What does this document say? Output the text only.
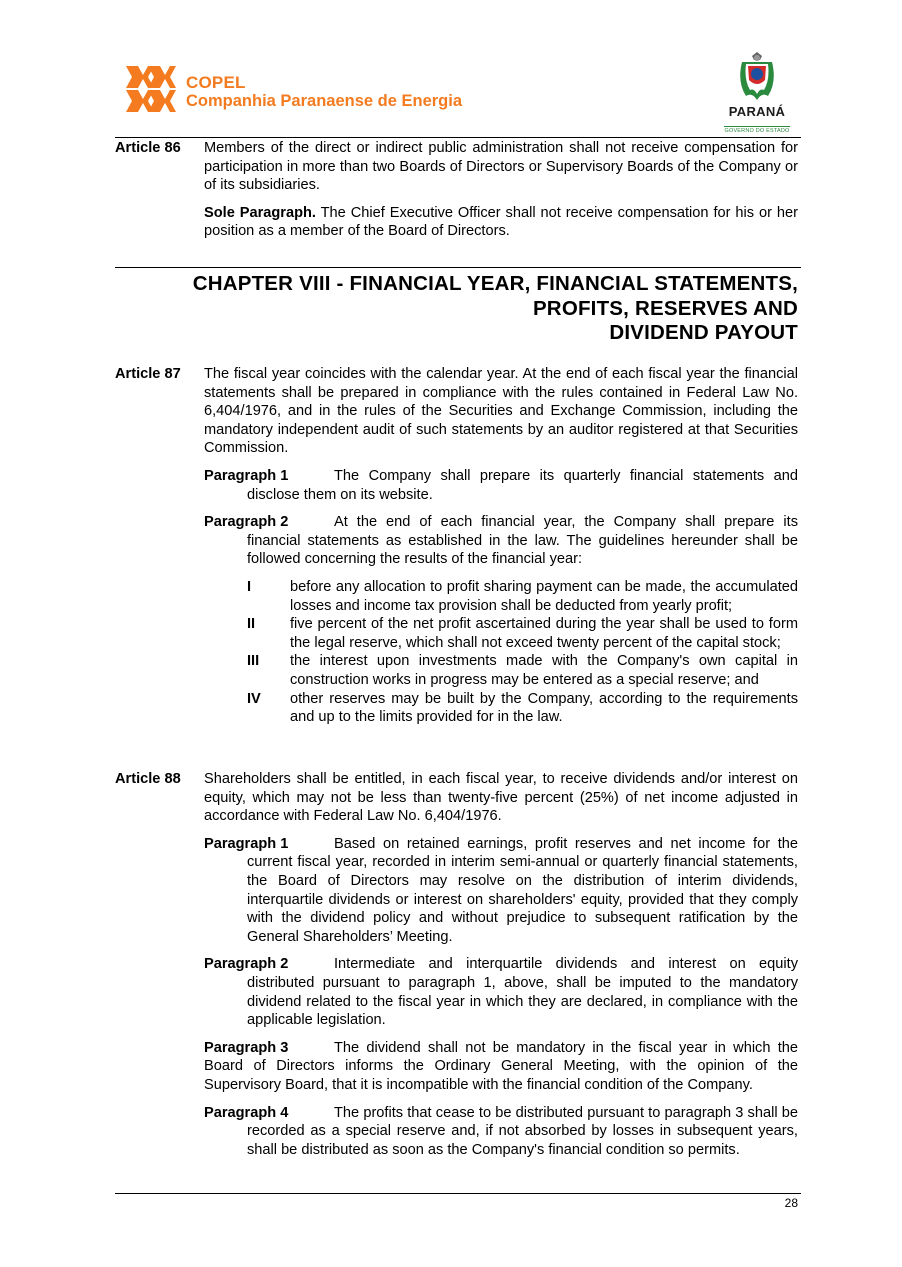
COPEL
Companhia Paranaense de Energia
PARANÁ
GOVERNO DO ESTADO
Article 86	Members of the direct or indirect public administration shall not receive compensation for participation in more than two Boards of Directors or Supervisory Boards of the Company or of its subsidiaries.
Sole Paragraph. The Chief Executive Officer shall not receive compensation for his or her position as a member of the Board of Directors.
CHAPTER VIII - FINANCIAL YEAR, FINANCIAL STATEMENTS,
PROFITS, RESERVES AND
DIVIDEND PAYOUT
Article 87	The fiscal year coincides with the calendar year. At the end of each fiscal year the financial statements shall be prepared in compliance with the rules contained in Federal Law No. 6,404/1976, and in the rules of the Securities and Exchange Commission, including the mandatory independent audit of such statements by an auditor registered at that Securities Commission.
Paragraph 1	The Company shall prepare its quarterly financial statements and disclose them on its website.
Paragraph 2	At the end of each financial year, the Company shall prepare its financial statements as established in the law. The guidelines hereunder shall be followed concerning the results of the financial year:
I	before any allocation to profit sharing payment can be made, the accumulated losses and income tax provision shall be deducted from yearly profit;
II	five percent of the net profit ascertained during the year shall be used to form the legal reserve, which shall not exceed twenty percent of the capital stock;
III	the interest upon investments made with the Company's own capital in construction works in progress may be entered as a special reserve; and
IV	other reserves may be built by the Company, according to the requirements and up to the limits provided for in the law.
Article 88	Shareholders shall be entitled, in each fiscal year, to receive dividends and/or interest on equity, which may not be less than twenty-five percent (25%) of net income adjusted in accordance with Federal Law No. 6,404/1976.
Paragraph 1	Based on retained earnings, profit reserves and net income for the current fiscal year, recorded in interim semi-annual or quarterly financial statements, the Board of Directors may resolve on the distribution of interim dividends, interquartile dividends or interest on shareholders' equity, provided that they comply with the dividend policy and without prejudice to subsequent ratification by the General Shareholders’ Meeting.
Paragraph 2	Intermediate and interquartile dividends and interest on equity distributed pursuant to paragraph 1, above, shall be imputed to the mandatory dividend related to the fiscal year in which they are declared, in compliance with the applicable legislation.
Paragraph 3	The dividend shall not be mandatory in the fiscal year in which the Board of Directors informs the Ordinary General Meeting, with the opinion of the Supervisory Board, that it is incompatible with the financial condition of the Company.
Paragraph 4	The profits that cease to be distributed pursuant to paragraph 3 shall be recorded as a special reserve and, if not absorbed by losses in subsequent years, shall be distributed as soon as the Company's financial condition so permits.
28
